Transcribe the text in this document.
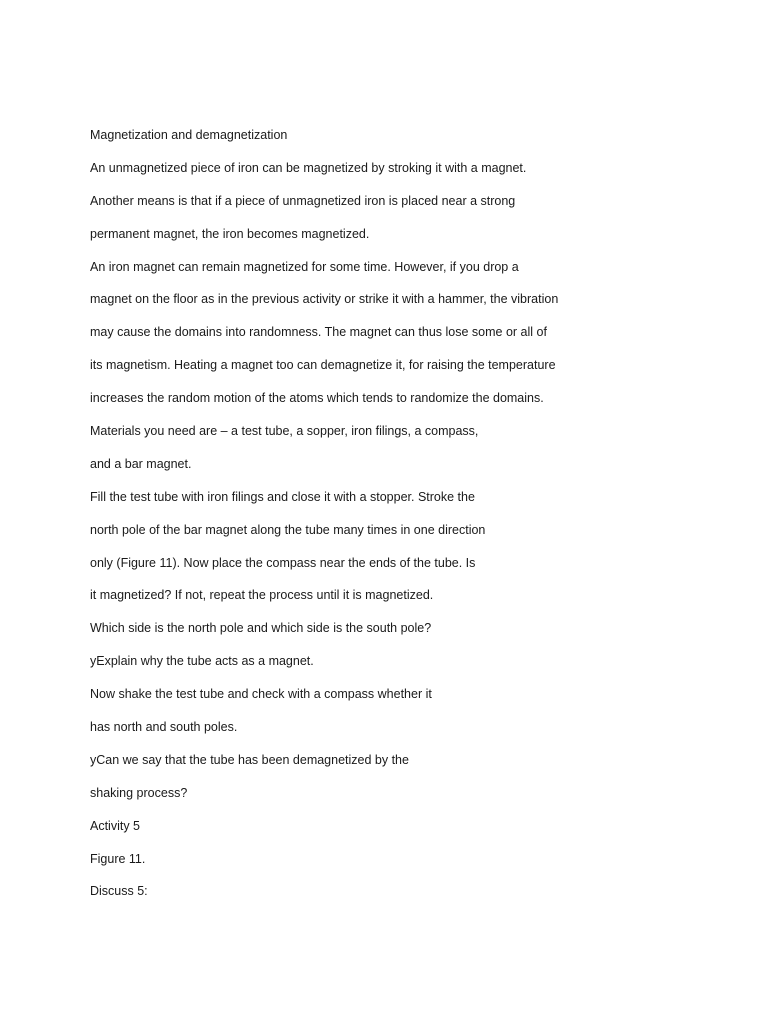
Magnetization and demagnetization

An unmagnetized piece of iron can be magnetized by stroking it with a magnet.

Another means is that if a piece of unmagnetized iron is placed near a strong

permanent magnet, the iron becomes magnetized.

An iron magnet can remain magnetized for some time. However, if you drop a

magnet on the floor as in the previous activity or strike it with a hammer, the vibration

may cause the domains into randomness. The magnet can thus lose some or all of

its magnetism. Heating a magnet too can demagnetize it, for raising the temperature

increases the random motion of the atoms which tends to randomize the domains.

Materials you need are – a test tube, a sopper, iron filings, a compass,

and a bar magnet.

Fill the test tube with iron filings and close it with a stopper. Stroke the

north pole of the bar magnet along the tube many times in one direction

only (Figure 11). Now place the compass near the ends of the tube. Is

it magnetized? If not, repeat the process until it is magnetized.

Which side is the north pole and which side is the south pole?

yExplain why the tube acts as a magnet.

Now shake the test tube and check with a compass whether it

has north and south poles.

yCan we say that the tube has been demagnetized by the

shaking process?

Activity 5

Figure 11.

Discuss 5:
